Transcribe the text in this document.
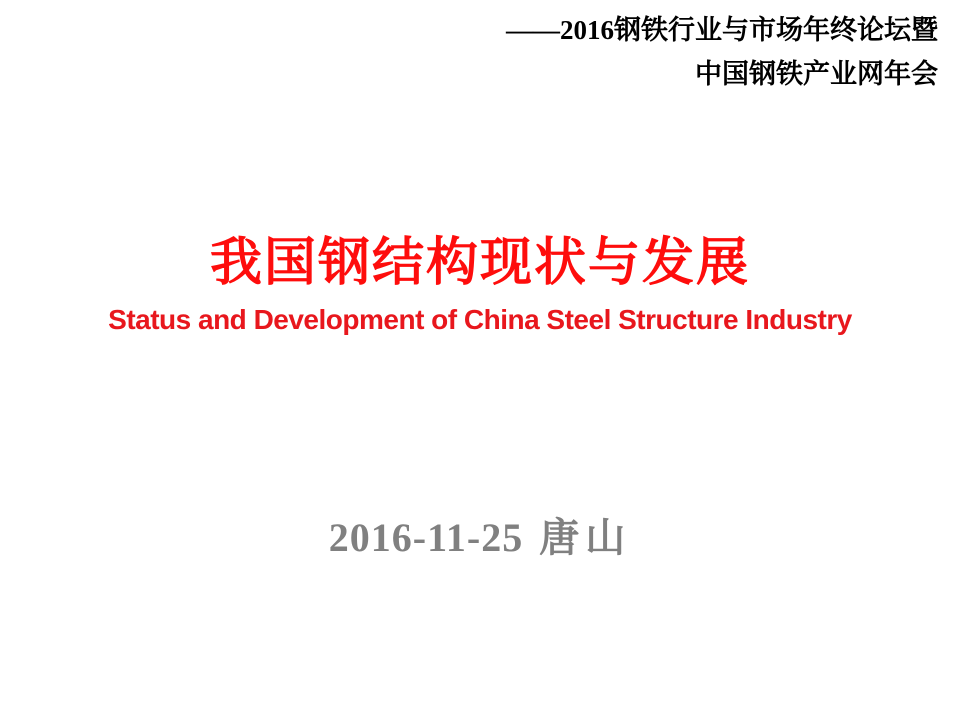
——2016钢铁行业与市场年终论坛暨
中国钢铁产业网年会
我国钢结构现状与发展
Status and Development of China Steel Structure Industry
2016-11-25 唐山
